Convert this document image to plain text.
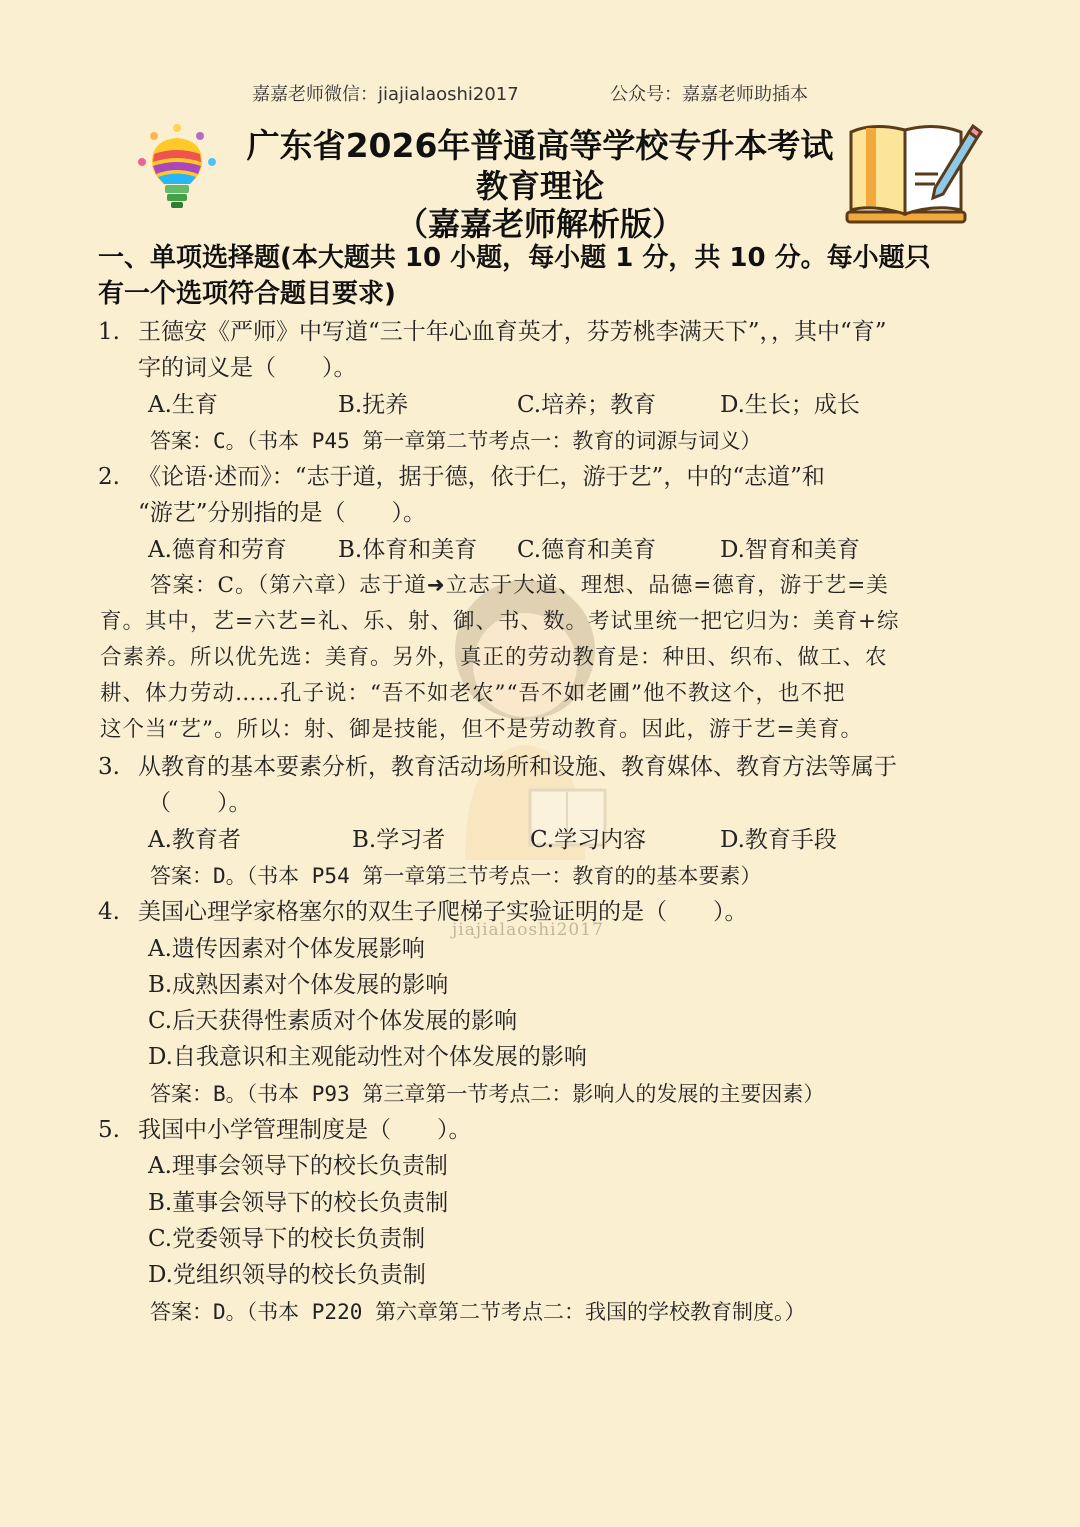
jiajialaoshi2017
嘉嘉老师微信：jiajialaoshi2017	公众号：嘉嘉老师助插本
广东省2026年普通高等学校专升本考试
教育理论
（嘉嘉老师解析版）
一、单项选择题(本大题共 10 小题，每小题 1 分，共 10 分。每小题只
有一个选项符合题目要求)
1. 王德安《严师》中写道“三十年心血育英才，芬芳桃李满天下”，，其中“育”
字的词义是（　　）。
A.生育	B.抚养	C.培养；教育	D.生长；成长
答案：C。（书本 P45 第一章第二节考点一：教育的词源与词义）
2. 《论语·述而》：“志于道，据于德，依于仁，游于艺”，中的“志道”和
“游艺”分别指的是（　　）。
A.德育和劳育 B.体育和美育 C.德育和美育	D.智育和美育
答案：C。（第六章）志于道➜立志于大道、理想、品德=德育，游于艺=美
育。其中，艺=六艺=礼、乐、射、御、书、数。考试里统一把它归为：美育+综
合素养。所以优先选：美育。另外，真正的劳动教育是：种田、织布、做工、农
耕、体力劳动……孔子说：“吾不如老农”“吾不如老圃”他不教这个，也不把
这个当“艺”。所以：射、御是技能，但不是劳动教育。因此，游于艺=美育。
3. 从教育的基本要素分析，教育活动场所和设施、教育媒体、教育方法等属于
（　　）。
A.教育者	B.学习者	C.学习内容	D.教育手段
答案：D。（书本 P54 第一章第三节考点一：教育的的基本要素）
4. 美国心理学家格塞尔的双生子爬梯子实验证明的是（　　）。
A.遗传因素对个体发展影响
B.成熟因素对个体发展的影响
C.后天获得性素质对个体发展的影响
D.自我意识和主观能动性对个体发展的影响
答案：B。（书本 P93 第三章第一节考点二：影响人的发展的主要因素）
5. 我国中小学管理制度是（　　）。
A.理事会领导下的校长负责制
B.董事会领导下的校长负责制
C.党委领导下的校长负责制
D.党组织领导的校长负责制
答案：D。（书本 P220 第六章第二节考点二：我国的学校教育制度。）
